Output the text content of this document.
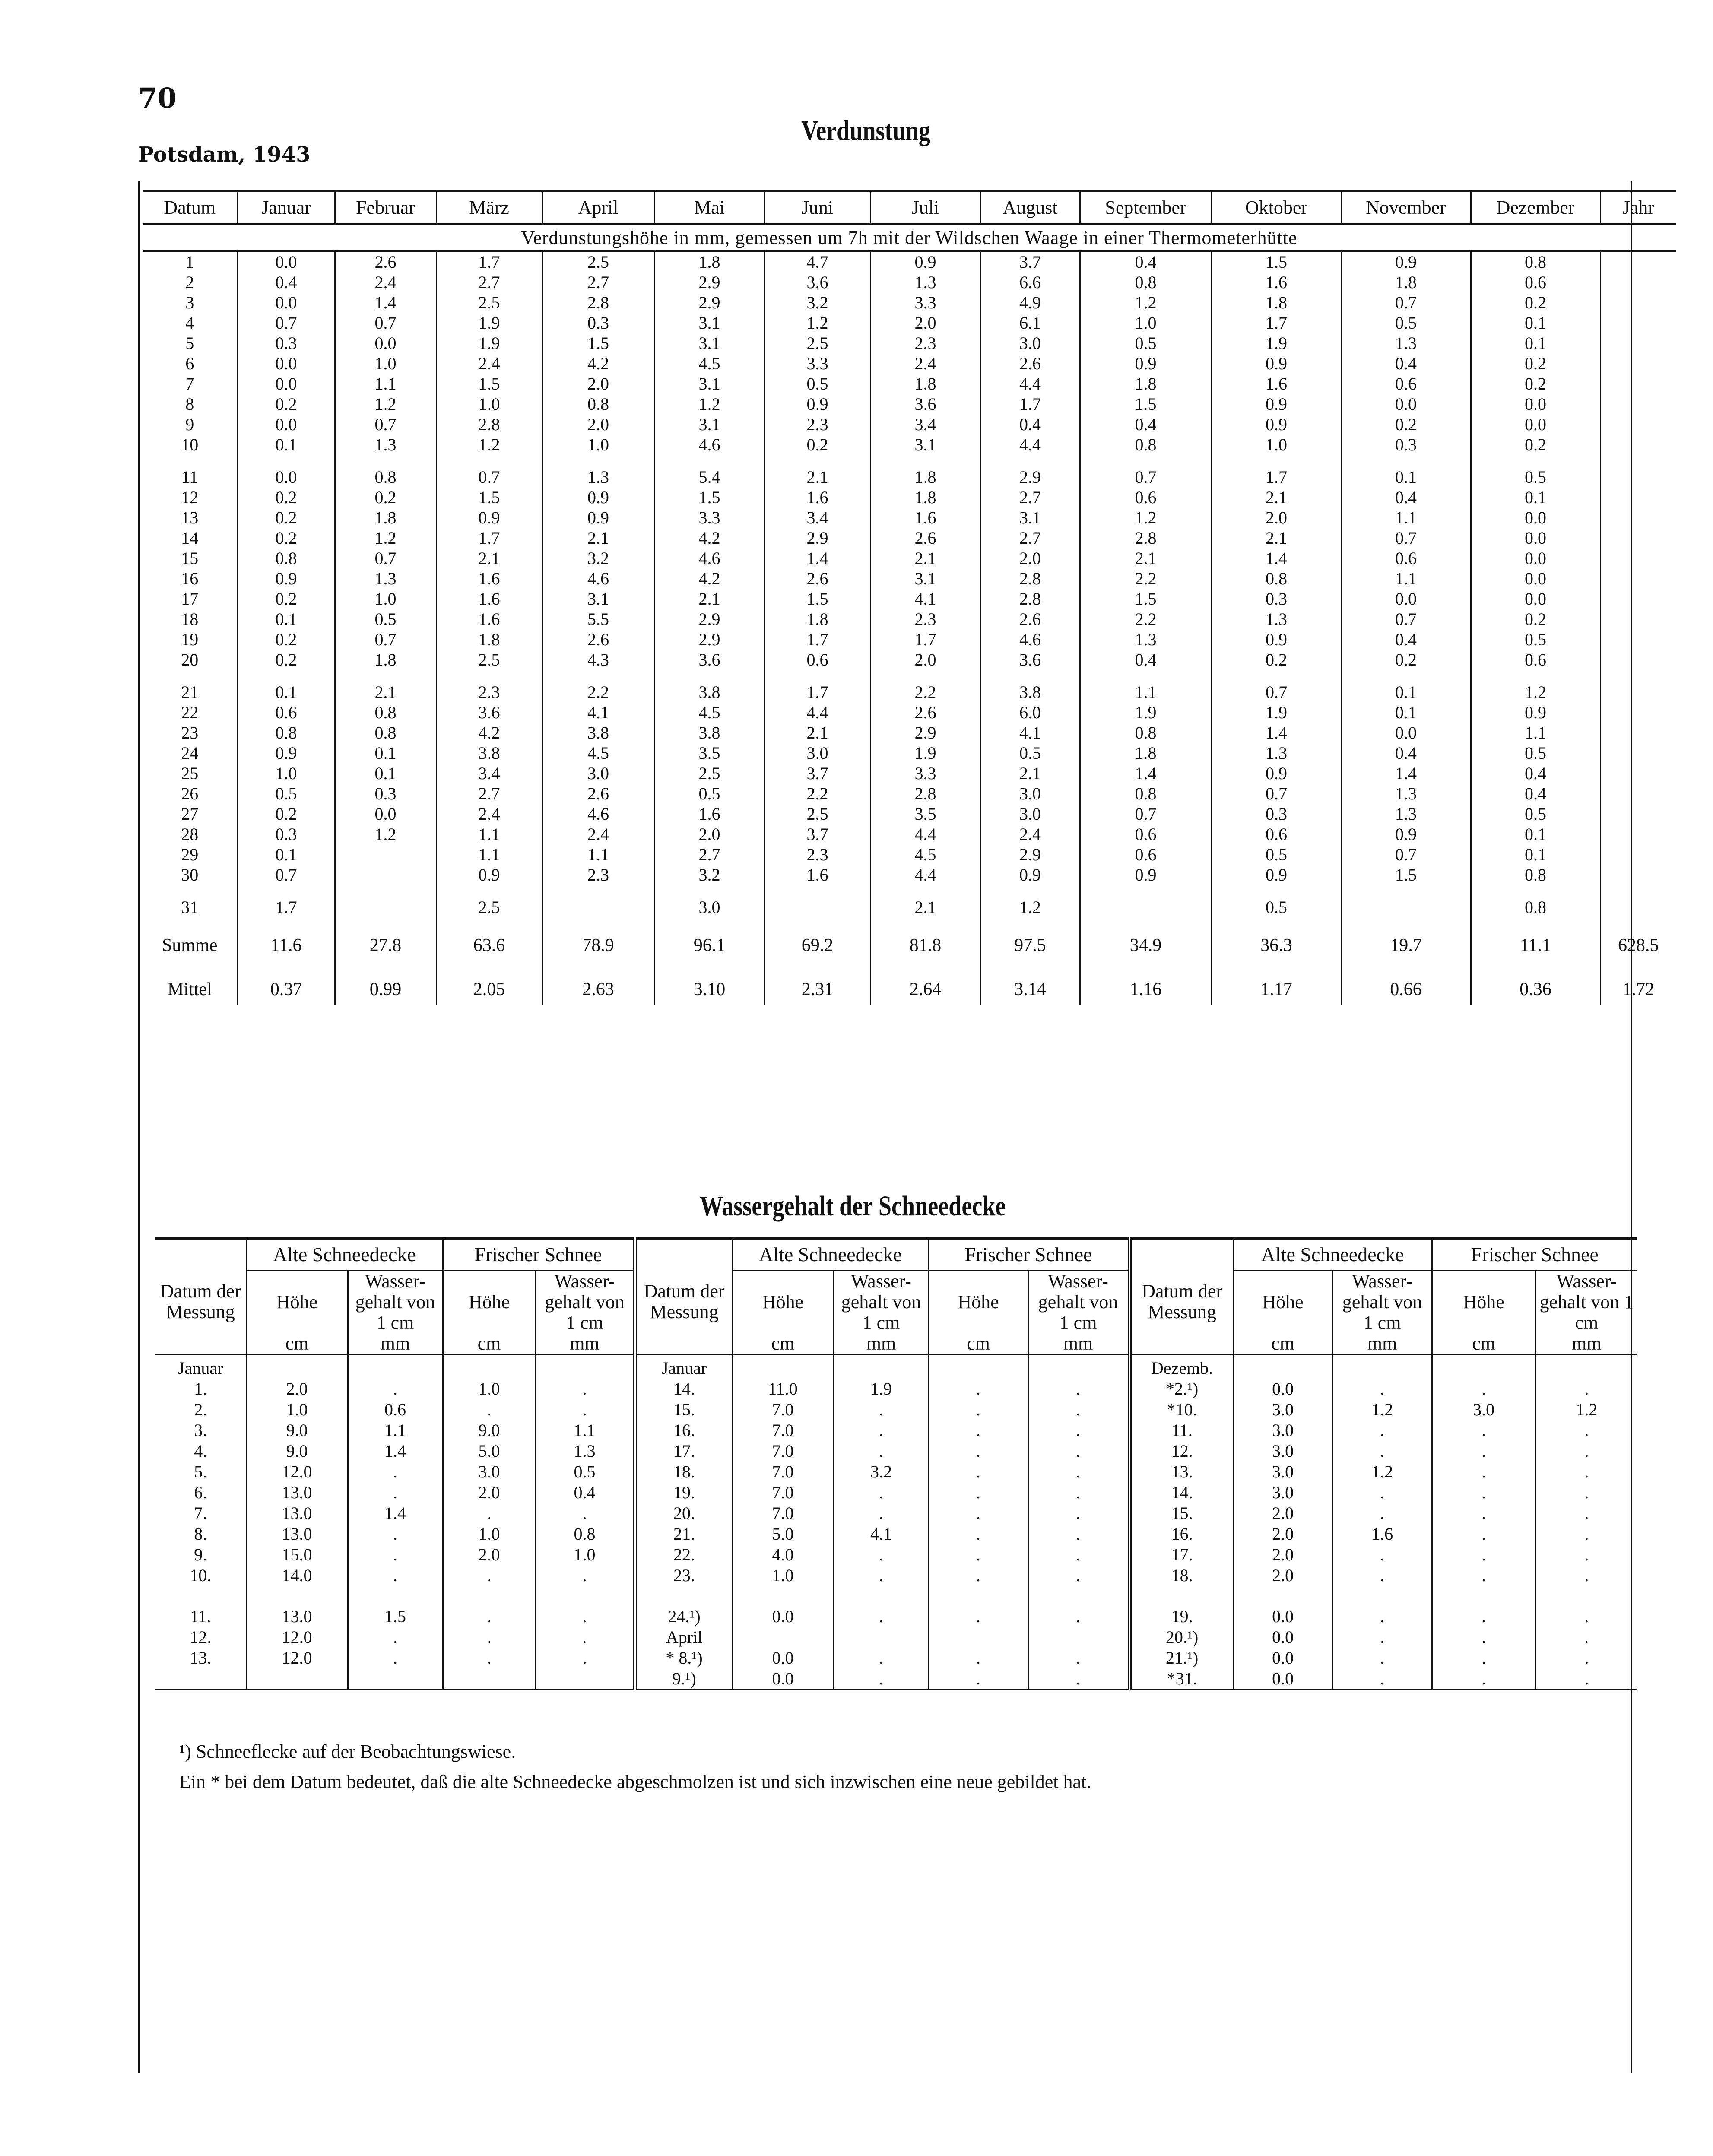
70
Potsdam, 1943
Verdunstung
Datum	Januar	Februar	März	April	Mai	Juni	Juli	August	September	Oktober	November	Dezember	Jahr
Verdunstungshöhe in mm, gemessen um 7h mit der Wildschen Waage in einer Thermometerhütte													
1	0.0	2.6	1.7	2.5	1.8	4.7	0.9	3.7	0.4	1.5	0.9	0.8	
2	0.4	2.4	2.7	2.7	2.9	3.6	1.3	6.6	0.8	1.6	1.8	0.6	
3	0.0	1.4	2.5	2.8	2.9	3.2	3.3	4.9	1.2	1.8	0.7	0.2	
4	0.7	0.7	1.9	0.3	3.1	1.2	2.0	6.1	1.0	1.7	0.5	0.1	
5	0.3	0.0	1.9	1.5	3.1	2.5	2.3	3.0	0.5	1.9	1.3	0.1	
6	0.0	1.0	2.4	4.2	4.5	3.3	2.4	2.6	0.9	0.9	0.4	0.2	
7	0.0	1.1	1.5	2.0	3.1	0.5	1.8	4.4	1.8	1.6	0.6	0.2	
8	0.2	1.2	1.0	0.8	1.2	0.9	3.6	1.7	1.5	0.9	0.0	0.0	
9	0.0	0.7	2.8	2.0	3.1	2.3	3.4	0.4	0.4	0.9	0.2	0.0	
10	0.1	1.3	1.2	1.0	4.6	0.2	3.1	4.4	0.8	1.0	0.3	0.2	

11	0.0	0.8	0.7	1.3	5.4	2.1	1.8	2.9	0.7	1.7	0.1	0.5	
12	0.2	0.2	1.5	0.9	1.5	1.6	1.8	2.7	0.6	2.1	0.4	0.1	
13	0.2	1.8	0.9	0.9	3.3	3.4	1.6	3.1	1.2	2.0	1.1	0.0	
14	0.2	1.2	1.7	2.1	4.2	2.9	2.6	2.7	2.8	2.1	0.7	0.0	
15	0.8	0.7	2.1	3.2	4.6	1.4	2.1	2.0	2.1	1.4	0.6	0.0	
16	0.9	1.3	1.6	4.6	4.2	2.6	3.1	2.8	2.2	0.8	1.1	0.0	
17	0.2	1.0	1.6	3.1	2.1	1.5	4.1	2.8	1.5	0.3	0.0	0.0	
18	0.1	0.5	1.6	5.5	2.9	1.8	2.3	2.6	2.2	1.3	0.7	0.2	
19	0.2	0.7	1.8	2.6	2.9	1.7	1.7	4.6	1.3	0.9	0.4	0.5	
20	0.2	1.8	2.5	4.3	3.6	0.6	2.0	3.6	0.4	0.2	0.2	0.6	

21	0.1	2.1	2.3	2.2	3.8	1.7	2.2	3.8	1.1	0.7	0.1	1.2	
22	0.6	0.8	3.6	4.1	4.5	4.4	2.6	6.0	1.9	1.9	0.1	0.9	
23	0.8	0.8	4.2	3.8	3.8	2.1	2.9	4.1	0.8	1.4	0.0	1.1	
24	0.9	0.1	3.8	4.5	3.5	3.0	1.9	0.5	1.8	1.3	0.4	0.5	
25	1.0	0.1	3.4	3.0	2.5	3.7	3.3	2.1	1.4	0.9	1.4	0.4	
26	0.5	0.3	2.7	2.6	0.5	2.2	2.8	3.0	0.8	0.7	1.3	0.4	
27	0.2	0.0	2.4	4.6	1.6	2.5	3.5	3.0	0.7	0.3	1.3	0.5	
28	0.3	1.2	1.1	2.4	2.0	3.7	4.4	2.4	0.6	0.6	0.9	0.1	
29	0.1		1.1	1.1	2.7	2.3	4.5	2.9	0.6	0.5	0.7	0.1	
30	0.7		0.9	2.3	3.2	1.6	4.4	0.9	0.9	0.9	1.5	0.8	

31	1.7		2.5		3.0		2.1	1.2		0.5		0.8	

Summe	11.6	27.8	63.6	78.9	96.1	69.2	81.8	97.5	34.9	36.3	19.7	11.1	628.5

Mittel	0.37	0.99	2.05	2.63	3.10	2.31	2.64	3.14	1.16	1.17	0.66	0.36	1.72
Wassergehalt der Schneedecke
	Alte Schneedecke		Frischer Schnee			Alte Schneedecke		Frischer Schnee			Alte Schneedecke		Frischer Schnee	
Datum der Messung	Höhe	Wasser-gehalt von 1 cm	Höhe	Wasser-gehalt von 1 cm	Datum der Messung	Höhe	Wasser-gehalt von 1 cm	Höhe	Wasser-gehalt von 1 cm	Datum der Messung	Höhe	Wasser-gehalt von 1 cm	Höhe	Wasser-gehalt von 1 cm
	cm	mm	cm	mm		cm	mm	cm	mm		cm	mm	cm	mm
Januar					Januar					Dezemb.				
1.	2.0	.	1.0	.	14.	11.0	1.9	.	.	*2.¹)	0.0	.	.	.
2.	1.0	0.6	.	.	15.	7.0	.	.	.	*10.	3.0	1.2	3.0	1.2
3.	9.0	1.1	9.0	1.1	16.	7.0	.	.	.	11.	3.0	.	.	.
4.	9.0	1.4	5.0	1.3	17.	7.0	.	.	.	12.	3.0	.	.	.
5.	12.0	.	3.0	0.5	18.	7.0	3.2	.	.	13.	3.0	1.2	.	.
6.	13.0	.	2.0	0.4	19.	7.0	.	.	.	14.	3.0	.	.	.
7.	13.0	1.4	.	.	20.	7.0	.	.	.	15.	2.0	.	.	.
8.	13.0	.	1.0	0.8	21.	5.0	4.1	.	.	16.	2.0	1.6	.	.
9.	15.0	.	2.0	1.0	22.	4.0	.	.	.	17.	2.0	.	.	.
10.	14.0	.	.	.	23.	1.0	.	.	.	18.	2.0	.	.	.

11.	13.0	1.5	.	.	24.¹)	0.0	.	.	.	19.	0.0	.	.	.
12.	12.0	.	.	.	April					20.¹)	0.0	.	.	.
13.	12.0	.	.	.	* 8.¹)	0.0	.	.	.	21.¹)	0.0	.	.	.
					9.¹)	0.0	.	.	.	*31.	0.0	.	.	.
¹) Schneeflecke auf der Beobachtungswiese.
Ein * bei dem Datum bedeutet, daß die alte Schneedecke abgeschmolzen ist und sich inzwischen eine neue gebildet hat.
